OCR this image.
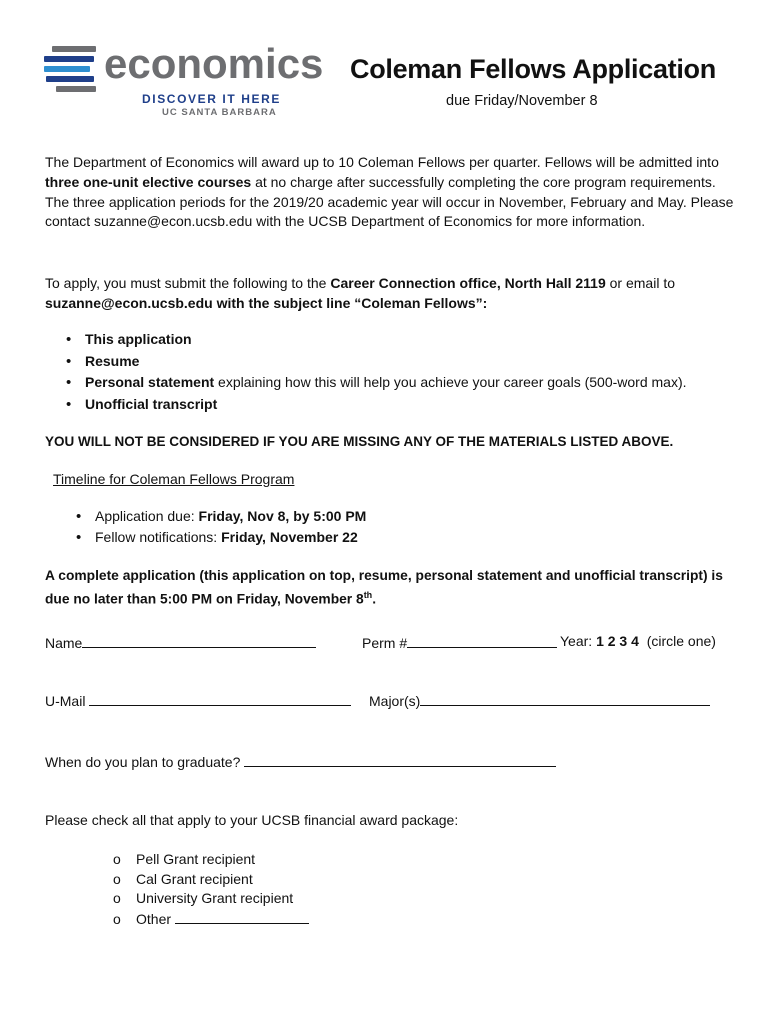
economics
DISCOVER IT HERE
UC SANTA BARBARA
Coleman Fellows Application
due Friday/November 8
The Department of Economics will award up to 10 Coleman Fellows per quarter. Fellows will be admitted into three one-unit elective courses at no charge after successfully completing the core program requirements. The three application periods for the 2019/20 academic year will occur in November, February and May. Please contact suzanne@econ.ucsb.edu with the UCSB Department of Economics for more information.
To apply, you must submit the following to the Career Connection office, North Hall 2119 or email to suzanne@econ.ucsb.edu with the subject line “Coleman Fellows”:
• This application
• Resume
• Personal statement explaining how this will help you achieve your career goals (500-word max).
• Unofficial transcript
YOU WILL NOT BE CONSIDERED IF YOU ARE MISSING ANY OF THE MATERIALS LISTED ABOVE.
Timeline for Coleman Fellows Program
• Application due: Friday, Nov 8, by 5:00 PM
• Fellow notifications: Friday, November 22
A complete application (this application on top, resume, personal statement and unofficial transcript) is due no later than 5:00 PM on Friday, November 8th.
Name	Perm #	Year: 1 2 3 4 (circle one)
U-Mail	Major(s)
When do you plan to graduate?
Please check all that apply to your UCSB financial award package:
o Pell Grant recipient
o Cal Grant recipient
o University Grant recipient
o Other
